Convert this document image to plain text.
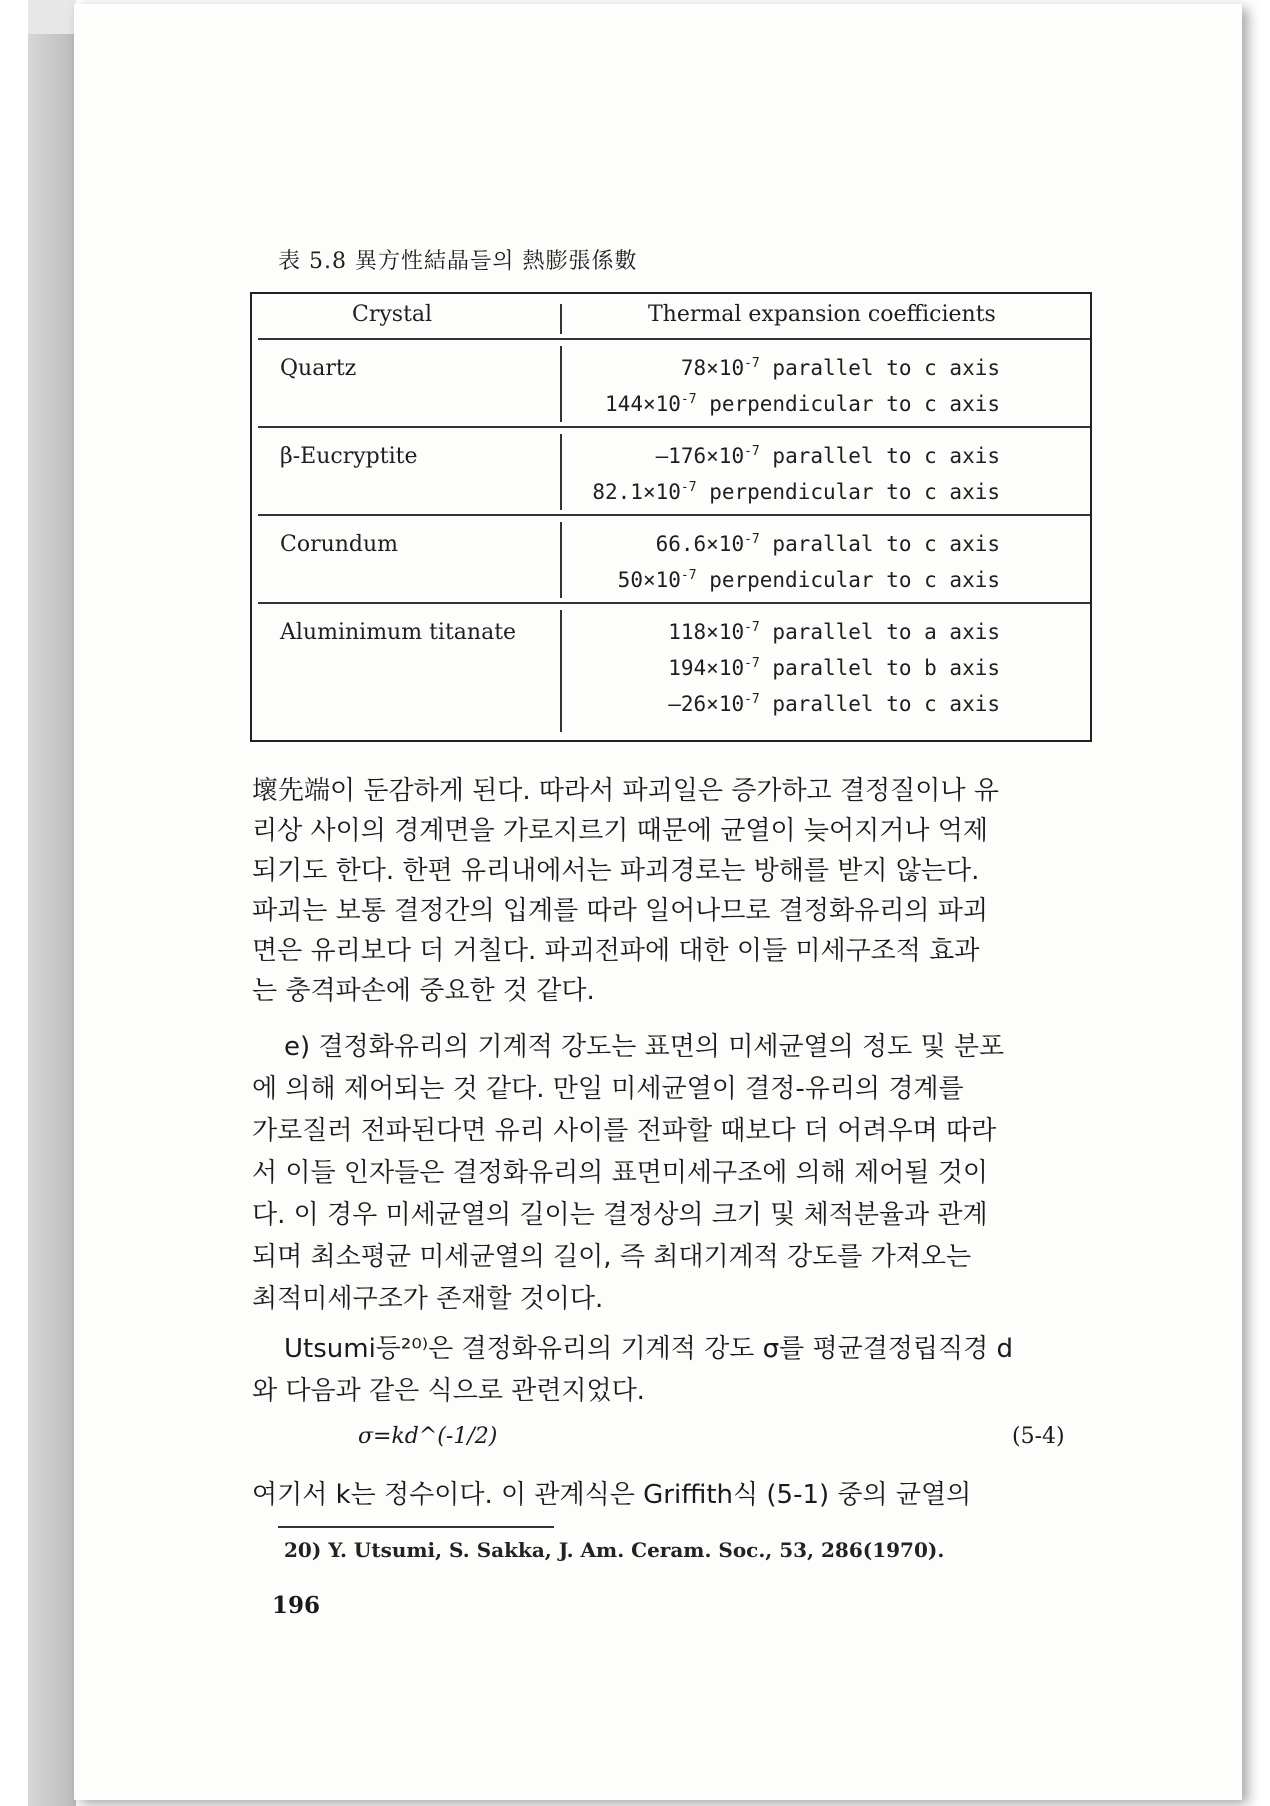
表 5.8 異方性結晶들의 熱膨張係數
Crystal	Thermal expansion coefficients
Quartz	$78\times 10^{-7}$ parallel to c axis
$144\times 10^{-7}$ perpendicular to c axis
β-Eucryptite	$—176\times 10^{-7}$ parallel to c axis
$82.1\times 10^{-7}$ perpendicular to c axis
Corundum	$66.6\times 10^{-7}$ parallal to c axis
$50\times 10^{-7}$ perpendicular to c axis
Aluminimum titanate	$118\times 10^{-7}$ parallel to a axis
$194\times 10^{-7}$ parallel to b axis
$—26\times 10^{-7}$ parallel to c axis
壞先端이 둔감하게 된다. 따라서 파괴일은 증가하고 결정질이나 유
리상 사이의 경계면을 가로지르기 때문에 균열이 늦어지거나 억제
되기도 한다. 한편 유리내에서는 파괴경로는 방해를 받지 않는다.
파괴는 보통 결정간의 입계를 따라 일어나므로 결정화유리의 파괴
면은 유리보다 더 거칠다. 파괴전파에 대한 이들 미세구조적 효과
는 충격파손에 중요한 것 같다.
e) 결정화유리의 기계적 강도는 표면의 미세균열의 정도 및 분포
에 의해 제어되는 것 같다. 만일 미세균열이 결정-유리의 경계를
가로질러 전파된다면 유리 사이를 전파할 때보다 더 어려우며 따라
서 이들 인자들은 결정화유리의 표면미세구조에 의해 제어될 것이
다. 이 경우 미세균열의 길이는 결정상의 크기 및 체적분율과 관계
되며 최소평균 미세균열의 길이, 즉 최대기계적 강도를 가져오는
최적미세구조가 존재할 것이다.
Utsumi등²⁰⁾은 결정화유리의 기계적 강도 σ를 평균결정립직경 d
와 다음과 같은 식으로 관련지었다.
σ=kd^(-1/2)	(5-4)
여기서 k는 정수이다. 이 관계식은 Griffith식 (5-1) 중의 균열의
20) Y. Utsumi, S. Sakka, J. Am. Ceram. Soc., 53, 286(1970).
196
